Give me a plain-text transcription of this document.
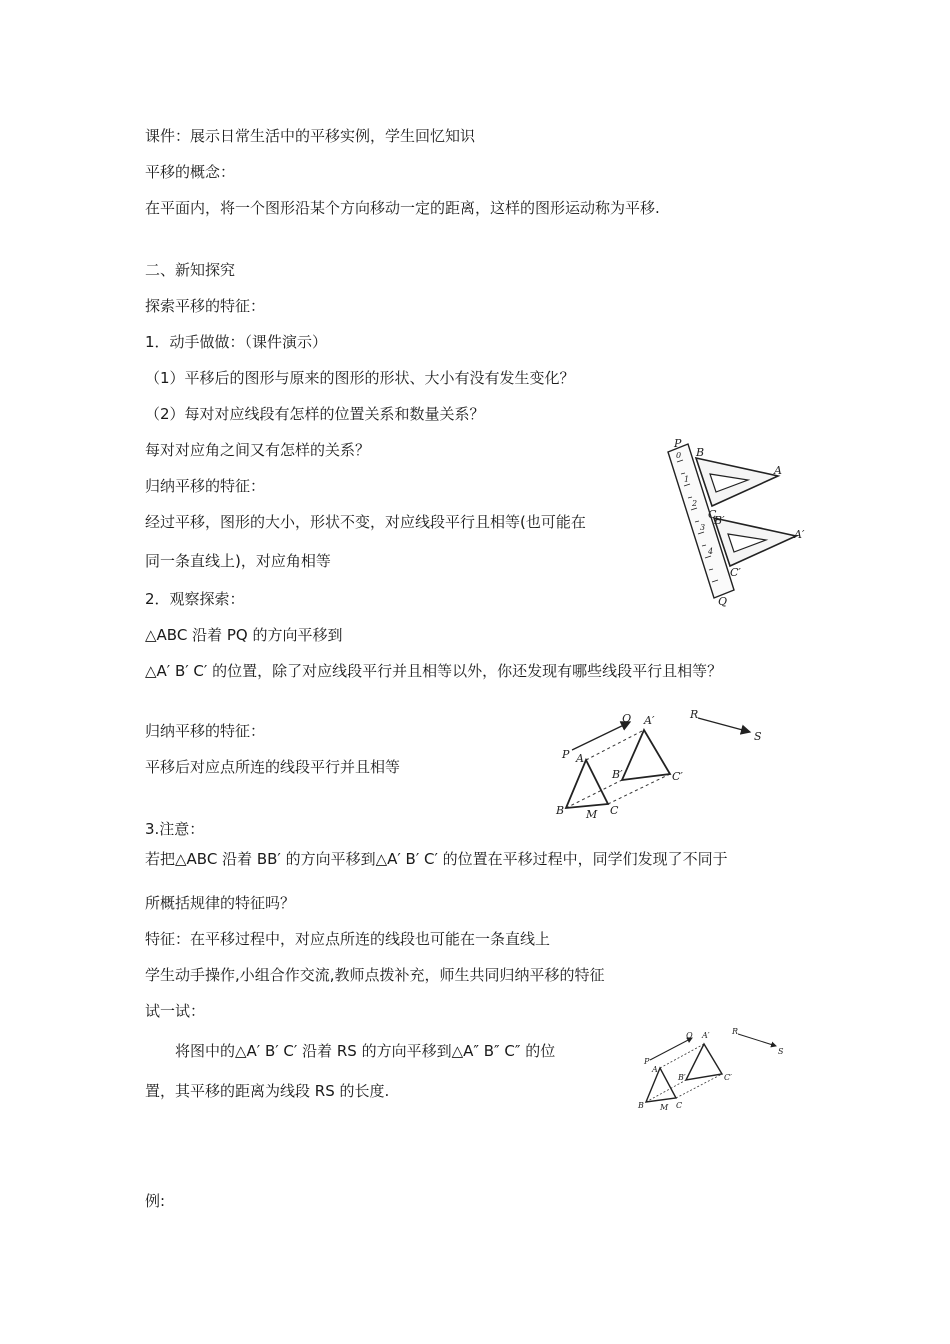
课件：展示日常生活中的平移实例，学生回忆知识
平移的概念：
在平面内，将一个图形沿某个方向移动一定的距离，这样的图形运动称为平移.
二、新知探究
探索平移的特征：
1．动手做做：（课件演示）
（1）平移后的图形与原来的图形的形状、大小有没有发生变化？
（2）每对对应线段有怎样的位置关系和数量关系？
每对对应角之间又有怎样的关系？
归纳平移的特征：
经过平移，图形的大小，形状不变，对应线段平行且相等(也可能在
同一条直线上)，对应角相等
2．观察探索：
△ABC 沿着 PQ 的方向平移到
△A′ B′ C′ 的位置，除了对应线段平行并且相等以外，你还发现有哪些线段平行且相等？
归纳平移的特征：
平移后对应点所连的线段平行并且相等
3.注意：
若把△ABC 沿着 BB′ 的方向平移到△A′ B′ C′ 的位置在平移过程中，同学们发现了不同于
所概括规律的特征吗？
特征：在平移过程中，对应点所连的线段也可能在一条直线上
学生动手操作,小组合作交流,教师点拨补充，师生共同归纳平移的特征
试一试：
将图中的△A′ B′ C′ 沿着 RS 的方向平移到△A″ B″ C″ 的位
置，其平移的距离为线段 RS 的长度.
例:
P
B
A
C
B′
A′
C′
Q
0
1
2
3
4
Q A′	R
S
P A
B′	C′
B M C
Q A′	R
S
P
A
B′	C′
B M C
